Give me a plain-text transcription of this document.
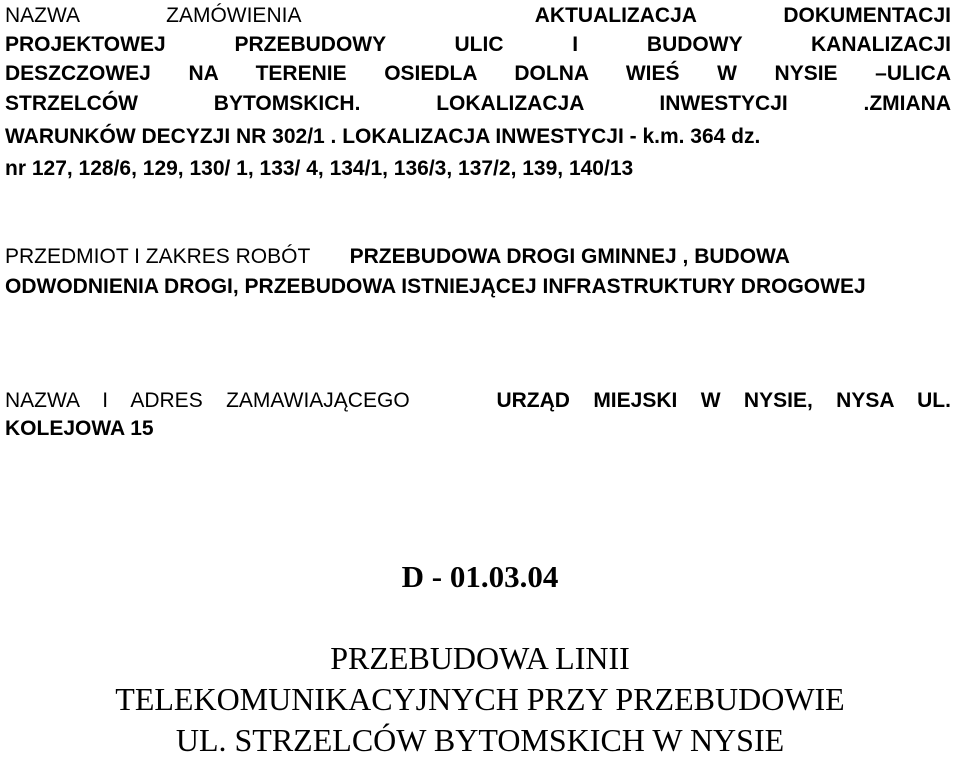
NAZWA ZAMÓWIENIA	AKTUALIZACJA DOKUMENTACJI
PROJEKTOWEJ PRZEBUDOWY ULIC I BUDOWY KANALIZACJI
DESZCZOWEJ NA TERENIE OSIEDLA DOLNA WIEŚ W NYSIE –ULICA
STRZELCÓW BYTOMSKICH. LOKALIZACJA INWESTYCJI .ZMIANA
WARUNKÓW DECYZJI NR 302/1 . LOKALIZACJA INWESTYCJI - k.m. 364 dz.
nr 127, 128/6, 129, 130/ 1, 133/ 4, 134/1, 136/3, 137/2, 139, 140/13
PRZEDMIOT I ZAKRES ROBÓT PRZEBUDOWA DROGI GMINNEJ , BUDOWA
ODWODNIENIA DROGI, PRZEBUDOWA ISTNIEJĄCEJ INFRASTRUKTURY DROGOWEJ
NAZWA I ADRES ZAMAWIAJĄCEGO	URZĄD MIEJSKI W NYSIE, NYSA UL.
KOLEJOWA 15
D - 01.03.04
PRZEBUDOWA LINII
TELEKOMUNIKACYJNYCH PRZY PRZEBUDOWIE
UL. STRZELCÓW BYTOMSKICH W NYSIE
